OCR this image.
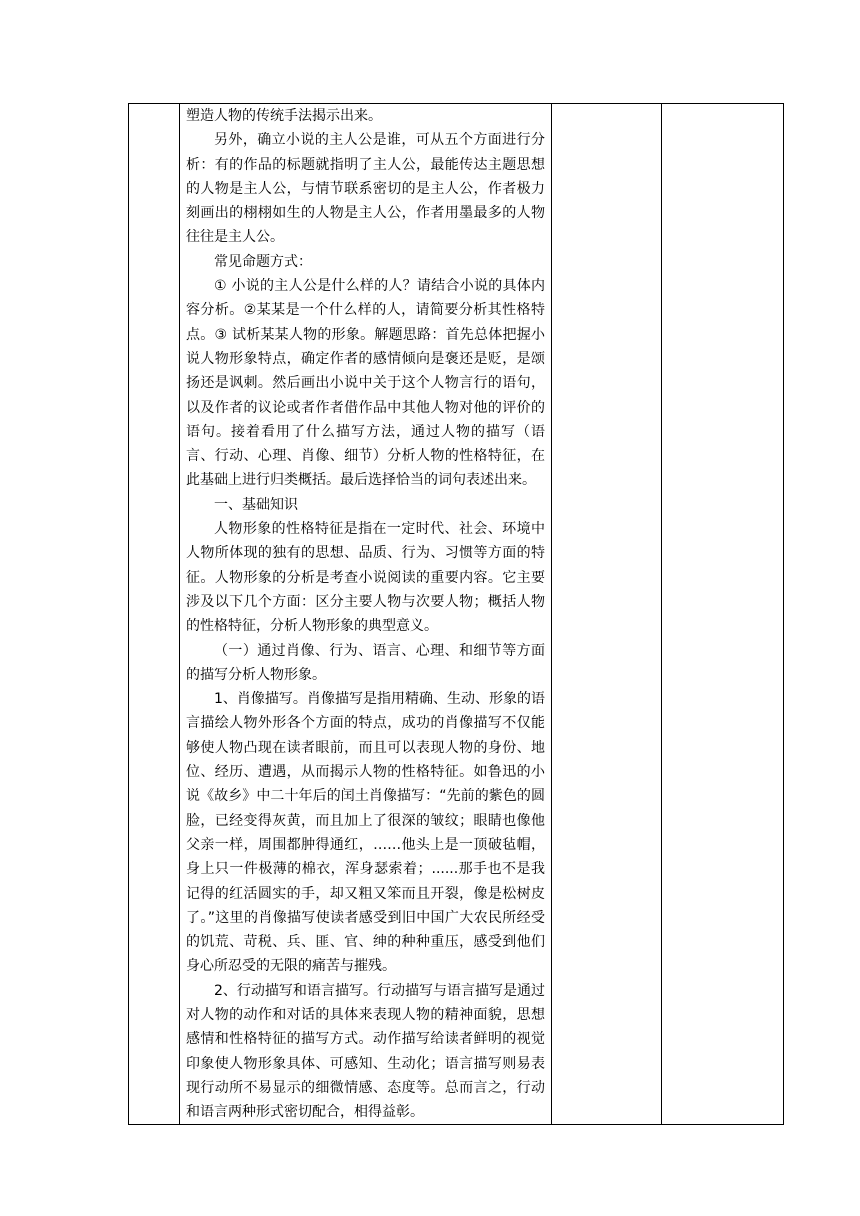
塑造人物的传统手法揭示出来。

另外，确立小说的主人公是谁，可从五个方面进行分析：有的作品的标题就指明了主人公，最能传达主题思想的人物是主人公，与情节联系密切的是主人公，作者极力刻画出的栩栩如生的人物是主人公，作者用墨最多的人物往往是主人公。

常见命题方式：

① 小说的主人公是什么样的人？请结合小说的具体内容分析。②某某是一个什么样的人，请简要分析其性格特点。③ 试析某某人物的形象。解题思路：首先总体把握小说人物形象特点，确定作者的感情倾向是褒还是贬，是颂扬还是讽刺。然后画出小说中关于这个人物言行的语句，以及作者的议论或者作者借作品中其他人物对他的评价的语句。接着看用了什么描写方法，通过人物的描写（语言、行动、心理、肖像、细节）分析人物的性格特征，在此基础上进行归类概括。最后选择恰当的词句表述出来。

一、基础知识

人物形象的性格特征是指在一定时代、社会、环境中人物所体现的独有的思想、品质、行为、习惯等方面的特征。人物形象的分析是考查小说阅读的重要内容。它主要涉及以下几个方面：区分主要人物与次要人物；概括人物的性格特征，分析人物形象的典型意义。

（一）通过肖像、行为、语言、心理、和细节等方面的描写分析人物形象。

1、肖像描写。肖像描写是指用精确、生动、形象的语言描绘人物外形各个方面的特点，成功的肖像描写不仅能够使人物凸现在读者眼前，而且可以表现人物的身份、地位、经历、遭遇，从而揭示人物的性格特征。如鲁迅的小说《故乡》中二十年后的闰土肖像描写：“先前的紫色的圆脸，已经变得灰黄，而且加上了很深的皱纹；眼睛也像他父亲一样，周围都肿得通红，……他头上是一顶破毡帽，身上只一件极薄的棉衣，浑身瑟索着；......那手也不是我记得的红活圆实的手，却又粗又笨而且开裂，像是松树皮了。”这里的肖像描写使读者感受到旧中国广大农民所经受的饥荒、苛税、兵、匪、官、绅的种种重压，感受到他们身心所忍受的无限的痛苦与摧残。

2、行动描写和语言描写。行动描写与语言描写是通过对人物的动作和对话的具体来表现人物的精神面貌，思想感情和性格特征的描写方式。动作描写给读者鲜明的视觉印象使人物形象具体、可感知、生动化；语言描写则易表现行动所不易显示的细微情感、态度等。总而言之，行动和语言两种形式密切配合，相得益彰。
